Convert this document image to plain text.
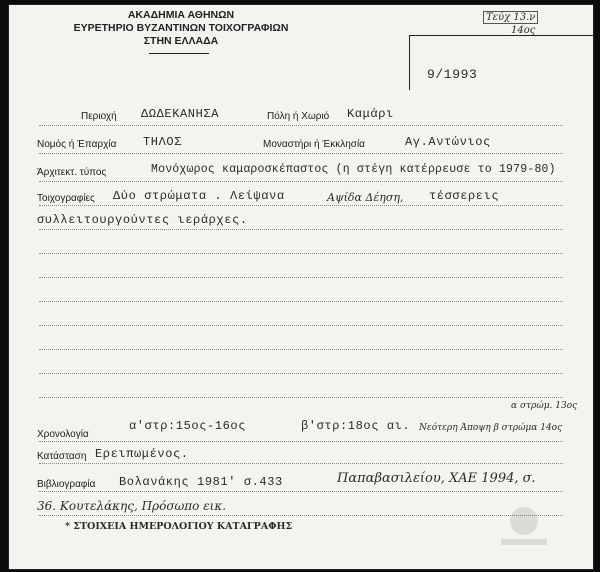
ΑΚΑΔΗΜΙΑ ΑΘΗΝΩΝ
ΕΥΡΕΤΗΡΙΟ ΒΥΖΑΝΤΙΝΩΝ ΤΟΙΧΟΓΡΑΦΙΩΝ
ΣΤΗΝ ΕΛΛΑΔΑ
9/1993
Τεύχ 13.ν
14ος
Περιοχή ΔΩΔΕΚΑΝΗΣΑ	Πόλη ή Χωριό Καμάρι
Νομός ή Έπαρχία ΤΗΛΟΣ	Μοναστήρι ή Έκκλησία	Αγ.Αντώνιος
Άρχιτεκτ. τύπος	Μονόχωρος καμαροσκέπαστος (η στέγη κατέρρευσε το 1979-80)
Τοιχογραφίες Δύο στρώματα . Λείψανα	Αψίδα Δέηση, τέσσερεις
συλλειτουργούντες ιεράρχες.
α στρώμ. 13ος
Χρονολογία
α'στρ:15ος-16ος	β'στρ:18ος αι. Νεότερη Άποψη β στρώμα 14ος
Κατάσταση Ερειπωμένος.
Βιβλιογραφία Βολανάκης 1981' σ.433	Παπαβασιλείου, ΧΑΕ 1994, σ.
36. Κουτελάκης, Πρόσωπο εικ.
* ΣΤΟΙΧΕΙΑ ΗΜΕΡΟΛΟΓΙΟΥ ΚΑΤΑΓΡΑΦΗΣ
